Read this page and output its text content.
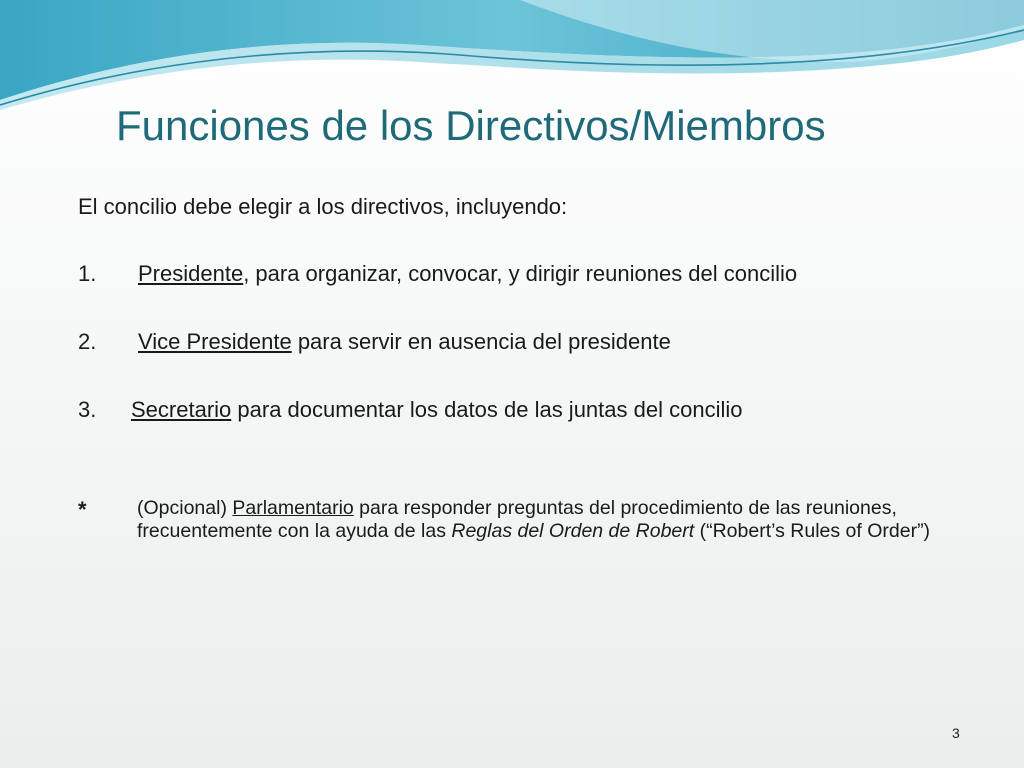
Funciones de los Directivos/Miembros

El concilio debe elegir a los directivos, incluyendo:

1. Presidente, para organizar, convocar, y dirigir reuniones del concilio
2. Vice Presidente para servir en ausencia del presidente
3. Secretario para documentar los datos de las juntas del concilio
*	(Opcional) Parlamentario para responder preguntas del procedimiento de las reuniones, frecuentemente con la ayuda de las Reglas del Orden de Robert (“Robert’s Rules of Order”)
3
